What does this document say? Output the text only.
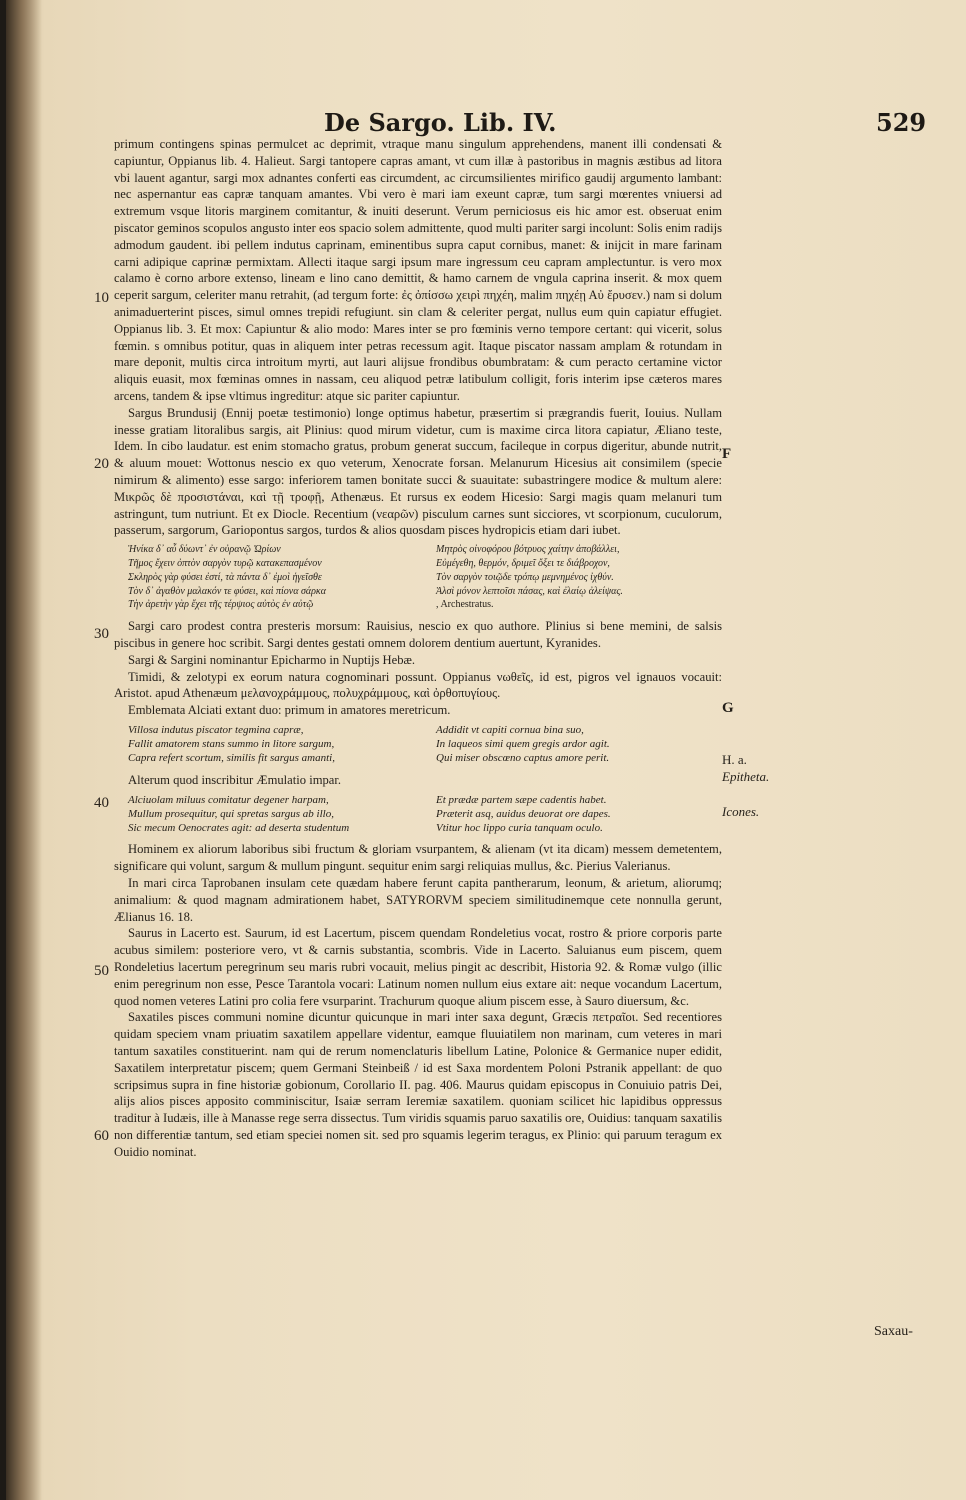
De Sargo. Lib. IV.	529
10
20
30
40
50
60
F
G
H. a.
Epitheta.
Icones.

primum contingens spinas permulcet ac deprimit, vtraque manu singulum apprehendens, manent illi condensati & capiuntur, Oppianus lib. 4. Halieut. Sargi tantopere capras amant, vt cum illæ à pastoribus in magnis æstibus ad litora vbi lauent agantur, sargi mox adnantes conferti eas circumdent, ac circumsilientes mirifico gaudij argumento lambant: nec aspernantur eas capræ tanquam amantes. Vbi vero è mari iam exeunt capræ, tum sargi mœrentes vniuersi ad extremum vsque litoris marginem comitantur, & inuiti deserunt. Verum perniciosus eis hic amor est. obseruat enim piscator geminos scopulos angusto inter eos spacio solem admittente, quod multi pariter sargi incolunt: Solis enim radijs admodum gaudent. ibi pellem indutus caprinam, eminentibus supra caput cornibus, manet: & inijcit in mare farinam carni adipique caprinæ permixtam. Allecti itaque sargi ipsum mare ingressum ceu capram amplectuntur. is vero mox calamo è corno arbore extenso, lineam e lino cano demittit, & hamo carnem de vngula caprina inserit. & mox quem ceperit sargum, celeriter manu retrahit, (ad tergum forte: ἐς ὀπίσσω χειρὶ πηχέη, malim πηχέῃ Αὐ ἔρυσεν.) nam si dolum animaduerterint pisces, simul omnes trepidi refugiunt. sin clam & celeriter pergat, nullus eum quin capiatur effugiet. Oppianus lib. 3. Et mox: Capiuntur & alio modo: Mares inter se pro fœminis verno tempore certant: qui vicerit, solus fœmin. s omnibus potitur, quas in aliquem inter petras recessum agit. Itaque piscator nassam amplam & rotundam in mare deponit, multis circa introitum myrti, aut lauri alijsue frondibus obumbratam: & cum peracto certamine victor aliquis euasit, mox fœminas omnes in nassam, ceu aliquod petræ latibulum colligit, foris interim ipse cæteros mares arcens, tandem & ipse vltimus ingreditur: atque sic pariter capiuntur.

Sargus Brundusij (Ennij poetæ testimonio) longe optimus habetur, præsertim si prægrandis fuerit, Iouius. Nullam inesse gratiam litoralibus sargis, ait Plinius: quod mirum videtur, cum is maxime circa litora capiatur, Æliano teste, Idem. In cibo laudatur. est enim stomacho gratus, probum generat succum, facileque in corpus digeritur, abunde nutrit, & aluum mouet: Wottonus nescio ex quo veterum, Xenocrate forsan. Melanurum Hicesius ait consimilem (specie nimirum & alimento) esse sargo: inferiorem tamen bonitate succi & suauitate: subastringere modice & multum alere: Μικρῶς δὲ προσιστάναι, καὶ τῇ τροφῇ, Athenæus. Et rursus ex eodem Hicesio: Sargi magis quam melanuri tum astringunt, tum nutriunt. Et ex Diocle. Recentium (νεαρῶν) pisculum carnes sunt sicciores, vt scorpionum, cuculorum, passerum, sargorum, Gariopontus sargos, turdos & alios quosdam pisces hydropicis etiam dari iubet.

Ἡνίκα δ᾽ αὖ δύωντ᾽ ἐν οὐρανῷ Ὠρίων	Μητρὸς οἰνοφόρου βότρυος χαίτην ἀποβάλλει,
Τῆμος ἔχειν ὀπτὸν σαργὸν τυρῷ κατακεπασμένον	Εὐμέγεθη, θερμόν, δριμεῖ ὄξει τε διάβροχον,
Σκληρὸς γὰρ φύσει ἐστί, τὰ πάντα δ᾽ ἐμοὶ ἡγεῖσθε	Τὸν σαργὸν τοιῷδε τρόπῳ μεμνημένος ἰχθύν.
Τὸν δ᾽ ἀγαθὸν μαλακόν τε φύσει, καὶ πίονα σάρκα	Ἁλσὶ μόνον λεπτοῖσι πάσας, καὶ ἐλαίῳ ἀλείψας.
Τὴν ἀρετὴν γὰρ ἔχει τῆς τέρψιος αὐτὸς ἐν αὐτῷ	, Archestratus.

Sargi caro prodest contra presteris morsum: Rauisius, nescio ex quo authore. Plinius si bene memini, de salsis piscibus in genere hoc scribit. Sargi dentes gestati omnem dolorem dentium auertunt, Kyranides.

Sargi & Sargini nominantur Epicharmo in Nuptijs Hebæ.

Timidi, & zelotypi ex eorum natura cognominari possunt. Oppianus νωθεῖς, id est, pigros vel ignauos vocauit: Aristot. apud Athenæum μελανοχράμμους, πολυχράμμους, καὶ ὀρθοπυγίους.

Emblemata Alciati extant duo: primum in amatores meretricum.

Villosa indutus piscator tegmina capræ,	Addidit vt capiti cornua bina suo,
Fallit amatorem stans summo in litore sargum,	In laqueos simi quem gregis ardor agit.
Capra refert scortum, similis fit sargus amanti,	Qui miser obscœno captus amore perit.

Alterum quod inscribitur Æmulatio impar.

Alciuolam miluus comitatur degener harpam,	Et prædæ partem sæpe cadentis habet.
Mullum prosequitur, qui spretas sargus ab illo,	Præterit asq, auidus deuorat ore dapes.
Sic mecum Oenocrates agit: ad deserta studentum	Vtitur hoc lippo curia tanquam oculo.

Hominem ex aliorum laboribus sibi fructum & gloriam vsurpantem, & alienam (vt ita dicam) messem demetentem, significare qui volunt, sargum & mullum pingunt. sequitur enim sargi reliquias mullus, &c. Pierius Valerianus.

In mari circa Taprobanen insulam cete quædam habere ferunt capita pantherarum, leonum, & arietum, aliorumq; animalium: & quod magnam admirationem habet, SATYRORVM speciem similitudinemque cete nonnulla gerunt, Ælianus 16. 18.

Saurus in Lacerto est. Saurum, id est Lacertum, piscem quendam Rondeletius vocat, rostro & priore corporis parte acubus similem: posteriore vero, vt & carnis substantia, scombris. Vide in Lacerto. Saluianus eum piscem, quem Rondeletius lacertum peregrinum seu maris rubri vocauit, melius pingit ac describit, Historia 92. & Romæ vulgo (illic enim peregrinum non esse, Pesce Tarantola vocari: Latinum nomen nullum eius extare ait: neque vocandum Lacertum, quod nomen veteres Latini pro colia fere vsurparint. Trachurum quoque alium piscem esse, à Sauro diuersum, &c.

Saxatiles pisces communi nomine dicuntur quicunque in mari inter saxa degunt, Græcis πετραῖοι. Sed recentiores quidam speciem vnam priuatim saxatilem appellare videntur, eamque fluuiatilem non marinam, cum veteres in mari tantum saxatiles constituerint. nam qui de rerum nomenclaturis libellum Latine, Polonice & Germanice nuper edidit, Saxatilem interpretatur piscem; quem Germani Steinbeiß / id est Saxa mordentem Poloni Pstranik appellant: de quo scripsimus supra in fine historiæ gobionum, Corollario II. pag. 406. Maurus quidam episcopus in Conuiuio patris Dei, alijs alios pisces apposito comminiscitur, Isaiæ serram Ieremiæ saxatilem. quoniam scilicet hic lapidibus oppressus traditur à Iudæis, ille à Manasse rege serra dissectus. Tum viridis squamis paruo saxatilis ore, Ouidius: tanquam saxatilis non differentiæ tantum, sed etiam speciei nomen sit. sed pro squamis legerim teragus, ex Plinio: qui paruum teragum ex Ouidio nominat.

Saxau-
